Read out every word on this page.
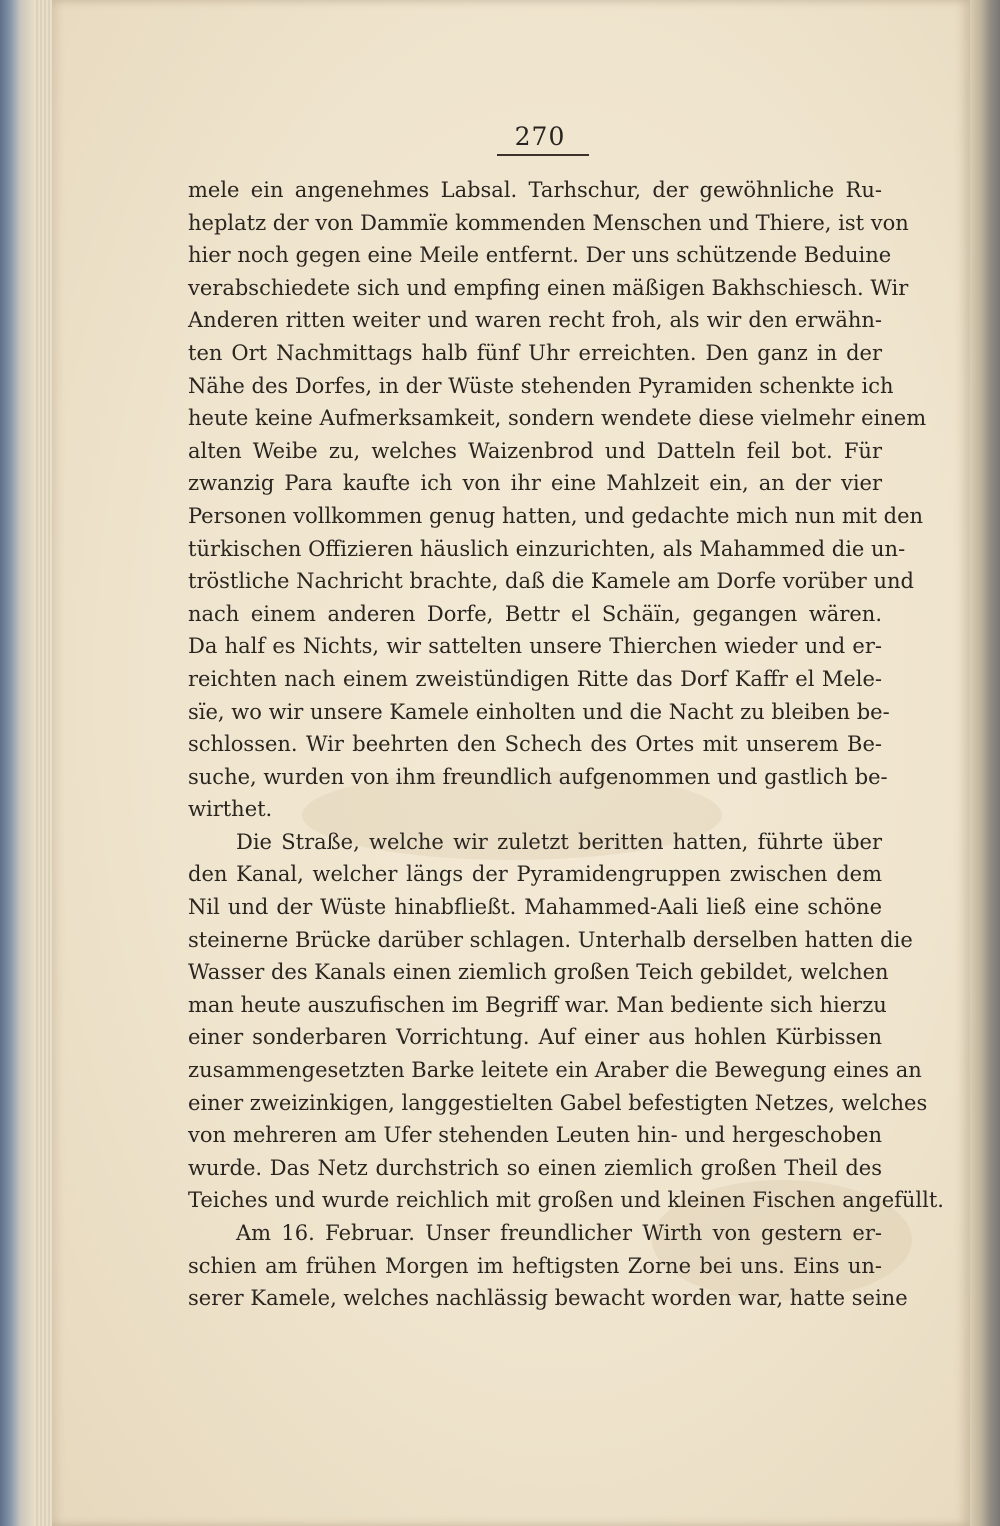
270
mele ein angenehmes Labsal. Tarhschur, der gewöhnliche Ru-
heplatz der von Dammïe kommenden Menschen und Thiere, ist von
hier noch gegen eine Meile entfernt. Der uns schützende Beduine
verabschiedete sich und empfing einen mäßigen Bakhschiesch. Wir
Anderen ritten weiter und waren recht froh, als wir den erwähn-
ten Ort Nachmittags halb fünf Uhr erreichten. Den ganz in der
Nähe des Dorfes, in der Wüste stehenden Pyramiden schenkte ich
heute keine Aufmerksamkeit, sondern wendete diese vielmehr einem
alten Weibe zu, welches Waizenbrod und Datteln feil bot. Für
zwanzig Para kaufte ich von ihr eine Mahlzeit ein, an der vier
Personen vollkommen genug hatten, und gedachte mich nun mit den
türkischen Offizieren häuslich einzurichten, als Mahammed die un-
tröstliche Nachricht brachte, daß die Kamele am Dorfe vorüber und
nach einem anderen Dorfe, Bettr el Schäïn, gegangen wären.
Da half es Nichts, wir sattelten unsere Thierchen wieder und er-
reichten nach einem zweistündigen Ritte das Dorf Kaffr el Mele-
sïe, wo wir unsere Kamele einholten und die Nacht zu bleiben be-
schlossen. Wir beehrten den Schech des Ortes mit unserem Be-
suche, wurden von ihm freundlich aufgenommen und gastlich be-
wirthet.
Die Straße, welche wir zuletzt beritten hatten, führte über
den Kanal, welcher längs der Pyramidengruppen zwischen dem
Nil und der Wüste hinabfließt. Mahammed-Aali ließ eine schöne
steinerne Brücke darüber schlagen. Unterhalb derselben hatten die
Wasser des Kanals einen ziemlich großen Teich gebildet, welchen
man heute auszufischen im Begriff war. Man bediente sich hierzu
einer sonderbaren Vorrichtung. Auf einer aus hohlen Kürbissen
zusammengesetzten Barke leitete ein Araber die Bewegung eines an
einer zweizinkigen, langgestielten Gabel befestigten Netzes, welches
von mehreren am Ufer stehenden Leuten hin- und hergeschoben
wurde. Das Netz durchstrich so einen ziemlich großen Theil des
Teiches und wurde reichlich mit großen und kleinen Fischen angefüllt.
Am 16. Februar. Unser freundlicher Wirth von gestern er-
schien am frühen Morgen im heftigsten Zorne bei uns. Eins un-
serer Kamele, welches nachlässig bewacht worden war, hatte seine
